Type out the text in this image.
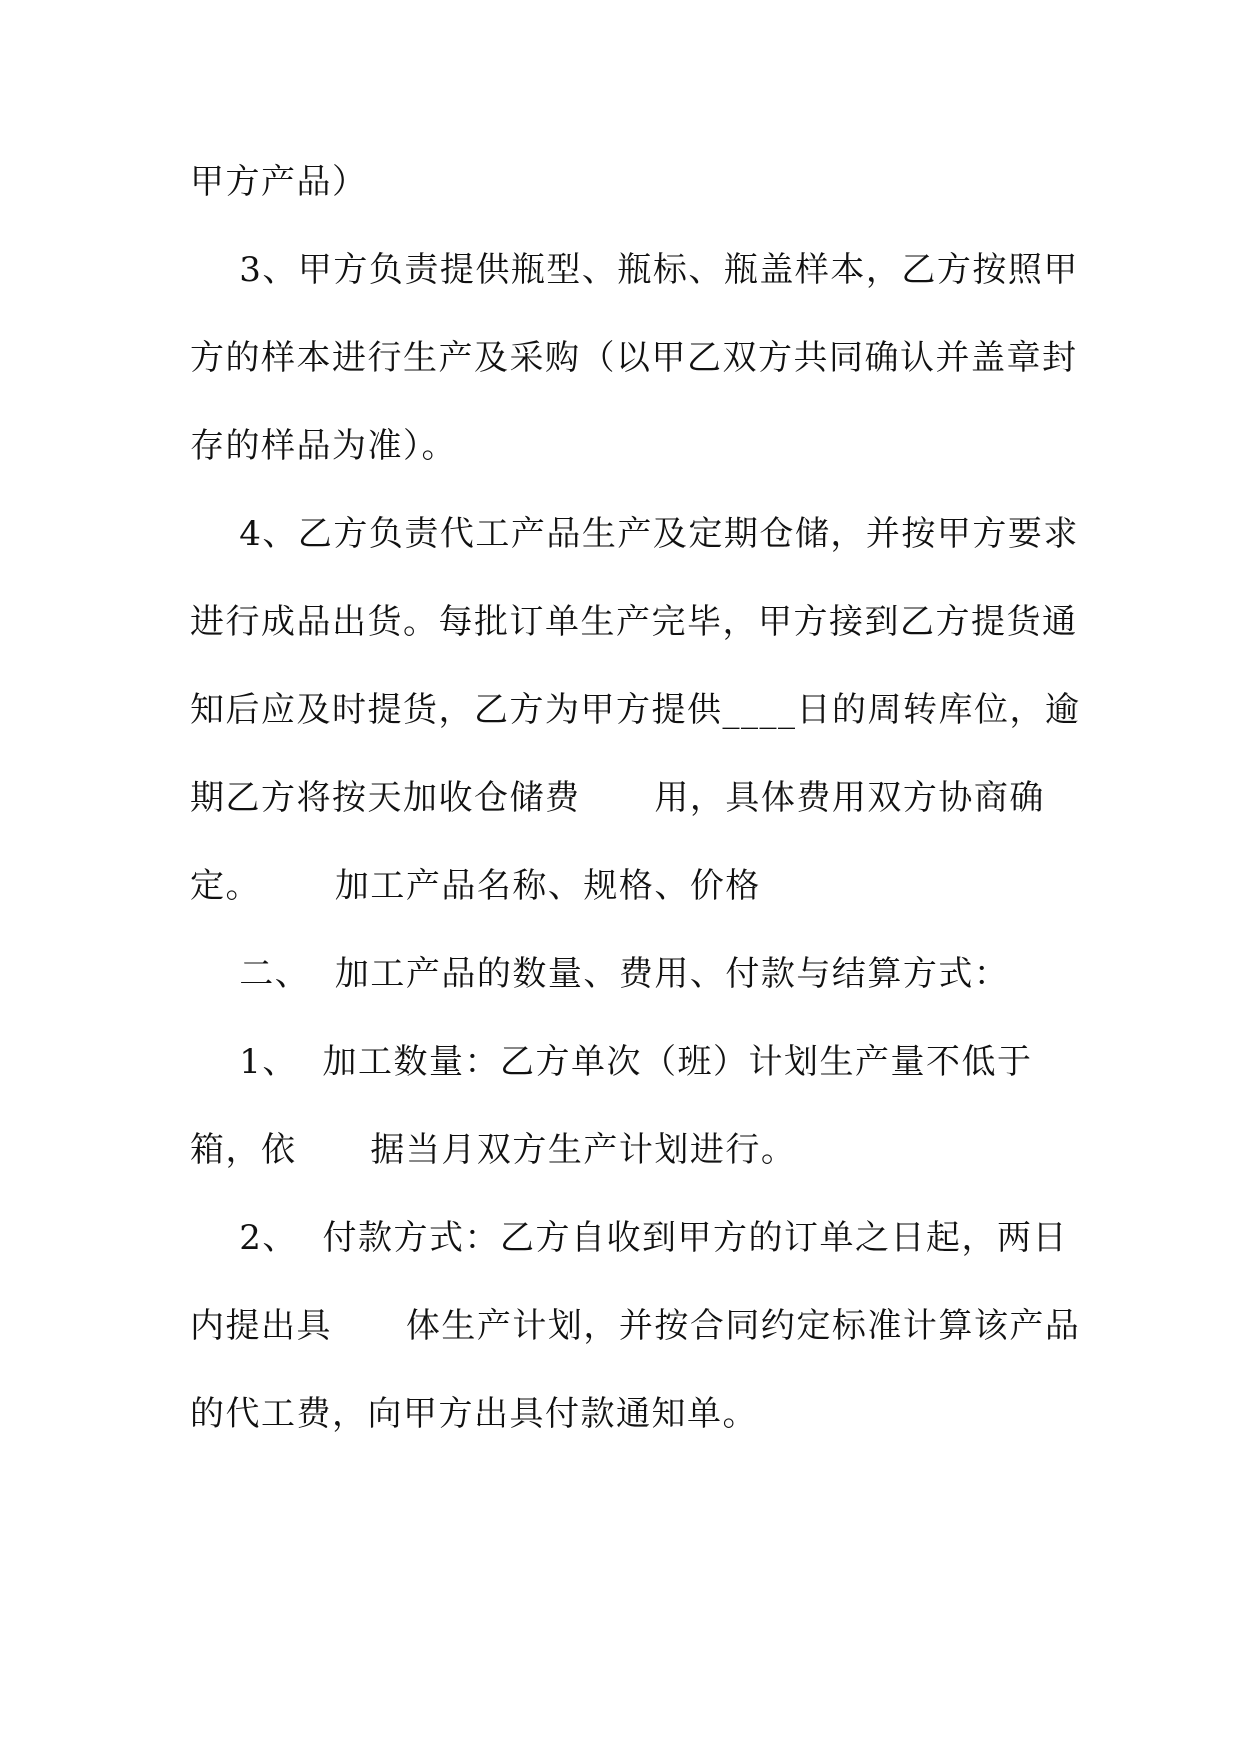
甲方产品）
3、甲方负责提供瓶型、瓶标、瓶盖样本，乙方按照甲
方的样本进行生产及采购（以甲乙双方共同确认并盖章封
存的样品为准）。
4、乙方负责代工产品生产及定期仓储，并按甲方要求
进行成品出货。每批订单生产完毕，甲方接到乙方提货通
知后应及时提货，乙方为甲方提供____日的周转库位，逾
期乙方将按天加收仓储费      用，具体费用双方协商确
定。      加工产品名称、规格、价格
二、  加工产品的数量、费用、付款与结算方式：
1、  加工数量：乙方单次（班）计划生产量不低于
箱，依      据当月双方生产计划进行。
2、  付款方式：乙方自收到甲方的订单之日起，两日
内提出具      体生产计划，并按合同约定标准计算该产品
的代工费，向甲方出具付款通知单。
